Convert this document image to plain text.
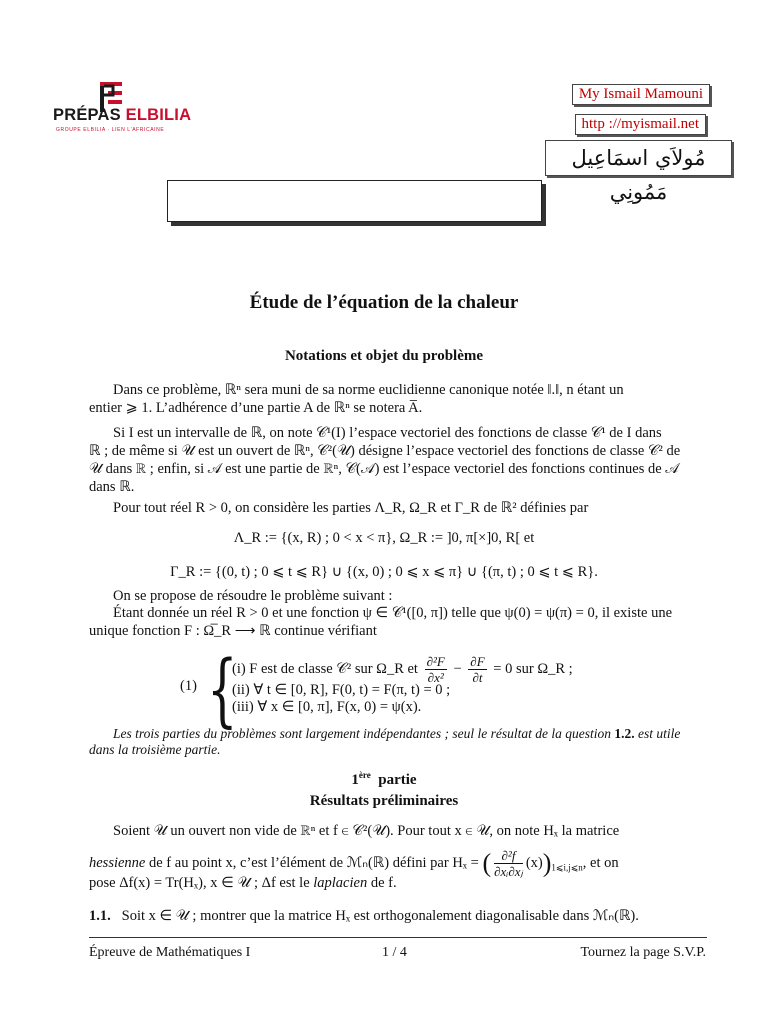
PRÉPAS ELBILIA
GROUPE ELBILIA · LIEN L'AFRICAINE
My Ismail Mamouni
http ://myismail.net
مُولاَي اسمَاعِيل مَمُونِي
Étude de l’équation de la chaleur
Notations et objet du problème
Dans ce problème, ℝⁿ sera muni de sa norme euclidienne canonique notée ‖.‖, n étant un
entier ⩾ 1. L’adhérence d’une partie A de ℝⁿ se notera A̅.
Si I est un intervalle de ℝ, on note 𝒞¹(I) l’espace vectoriel des fonctions de classe 𝒞¹ de I dans
ℝ ; de même si 𝒰 est un ouvert de ℝⁿ, 𝒞²(𝒰) désigne l’espace vectoriel des fonctions de classe 𝒞² de
𝒰 dans ℝ ; enfin, si 𝒜 est une partie de ℝⁿ, 𝒞(𝒜) est l’espace vectoriel des fonctions continues de 𝒜
dans ℝ.
Pour tout réel R > 0, on considère les parties Λ_R, Ω_R et Γ_R de ℝ² définies par
Λ_R := {(x, R) ; 0 < x < π}, Ω_R := ]0, π[×]0, R[ et
Γ_R := {(0, t) ; 0 ⩽ t ⩽ R} ∪ {(x, 0) ; 0 ⩽ x ⩽ π} ∪ {(π, t) ; 0 ⩽ t ⩽ R}.
On se propose de résoudre le problème suivant :
Étant donnée un réel R > 0 et une fonction ψ ∈ 𝒞¹([0, π]) telle que ψ(0) = ψ(π) = 0, il existe une
unique fonction F : Ω̅_R ⟶ ℝ continue vérifiant
(1) {
(i) F est de classe 𝒞² sur Ω_R et $\frac{\text{∂²F}}{\text{∂x²}} - \frac{\partial F}{\partial t} = 0$ sur Ω_R ;
(ii) ∀ t ∈ [0, R], F(0, t) = F(π, t) = 0 ;
(iii) ∀ x ∈ [0, π], F(x, 0) = ψ(x).
Les trois parties du problèmes sont largement indépendantes ; seul le résultat de la question 1.2. est utile
dans la troisième partie.
1ère partie
Résultats préliminaires
Soient 𝒰 un ouvert non vide de ℝⁿ et f ∈ 𝒞²(𝒰). Pour tout x ∈ 𝒰, on note Hₓ la matrice
hessienne de f au point x, c’est l’élément de ℳₙ(ℝ) défini par Hₓ = ( $\frac{\text{∂²f}}{\text{∂xᵢ∂xⱼ}} (x))_{1⩽i,j⩽n}$, et on
pose Δf(x) = Tr(Hₓ), x ∈ 𝒰 ; Δf est le laplacien de f.
1.1. Soit x ∈ 𝒰 ; montrer que la matrice Hₓ est orthogonalement diagonalisable dans ℳₙ(ℝ).
Épreuve de Mathématiques I	1 / 4	Tournez la page S.V.P.
